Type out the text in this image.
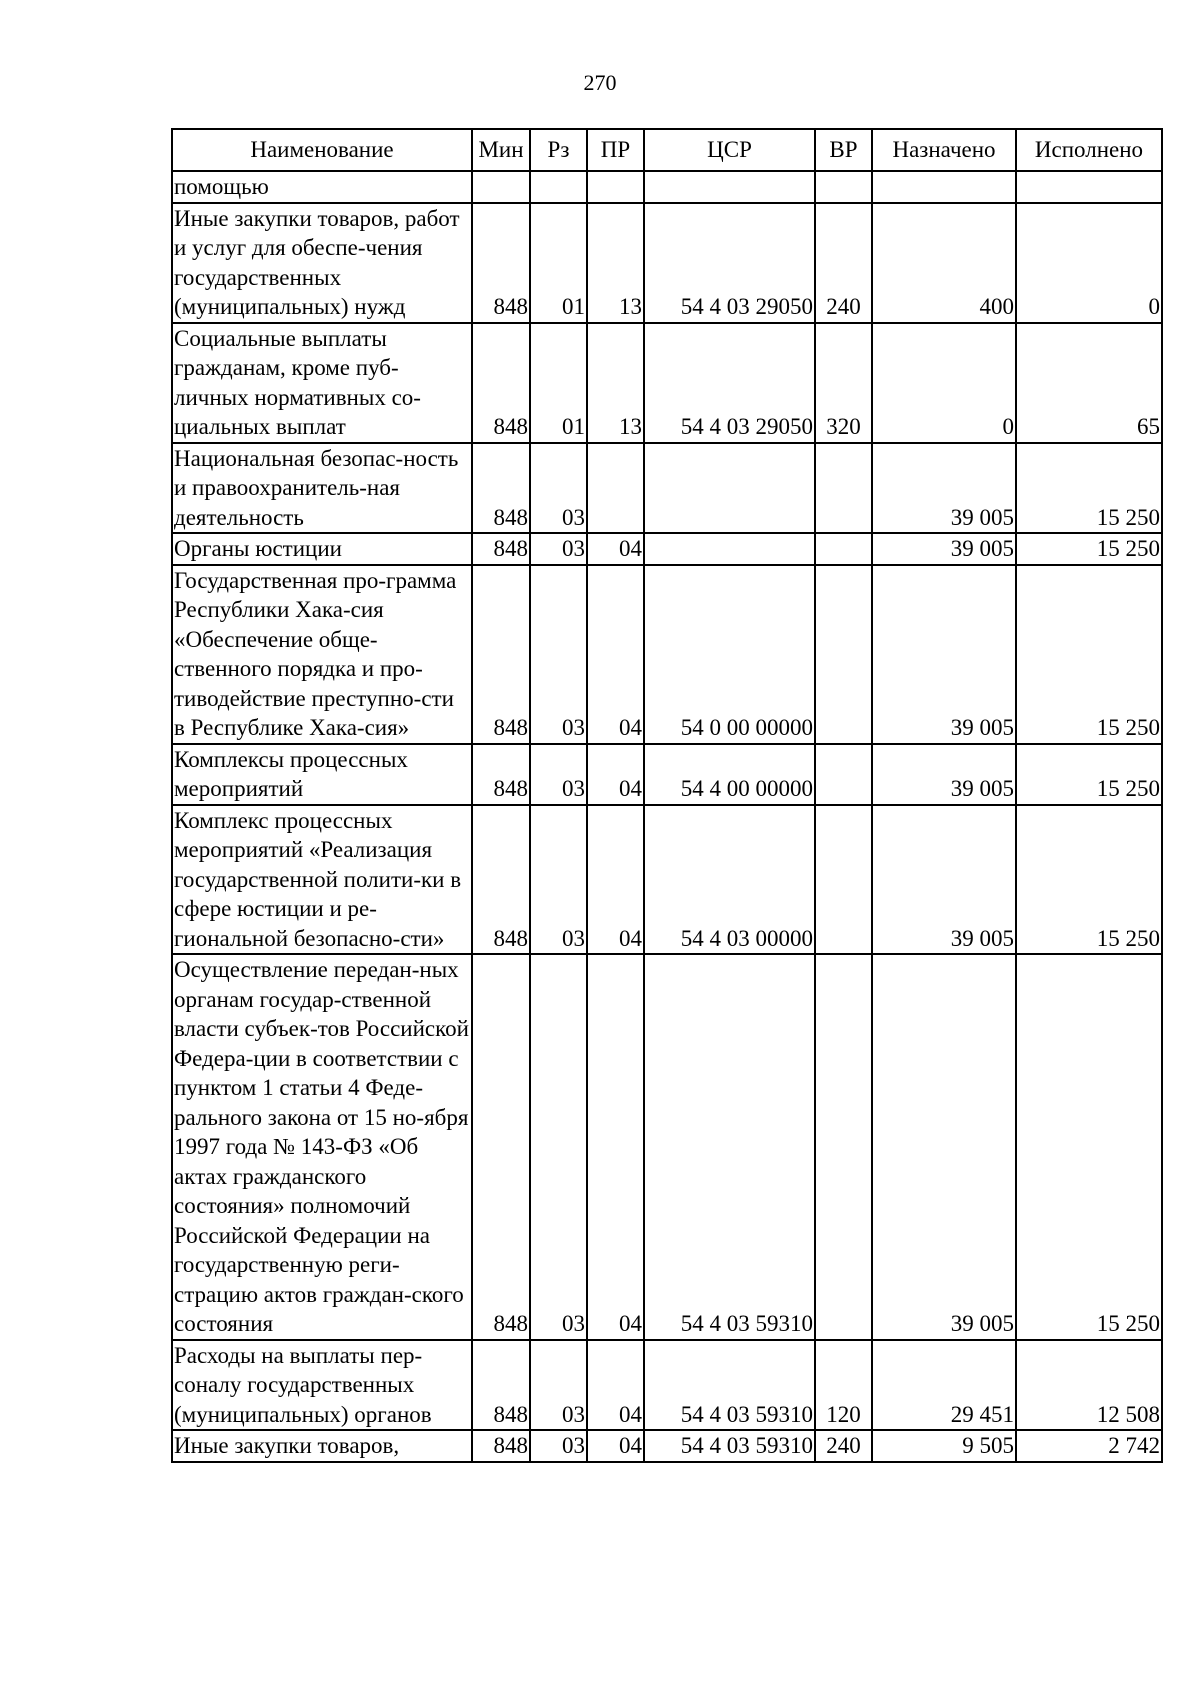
270
Наименование	Мин	Рз	ПР	ЦСР	ВР	Назначено	Исполнено
помощью							
Иные закупки товаров, работ и услуг для обеспе-чения государственных (муниципальных) нужд	848	01	13	54 4 03 29050	240	400	0
Социальные выплаты гражданам, кроме пуб-личных нормативных со-циальных выплат	848	01	13	54 4 03 29050	320	0	65
Национальная безопас-ность и правоохранитель-ная деятельность	848	03				39 005	15 250
Органы юстиции	848	03	04			39 005	15 250
Государственная про-грамма Республики Хака-сия «Обеспечение обще-ственного порядка и про-тиводействие преступно-сти в Республике Хака-сия»	848	03	04	54 0 00 00000		39 005	15 250
Комплексы процессных мероприятий	848	03	04	54 4 00 00000		39 005	15 250
Комплекс процессных мероприятий «Реализация государственной полити-ки в сфере юстиции и ре-гиональной безопасно-сти»	848	03	04	54 4 03 00000		39 005	15 250
Осуществление передан-ных органам государ-ственной власти субъек-тов Российской Федера-ции в соответствии с пунктом 1 статьи 4 Феде-рального закона от 15 но-ября 1997 года № 143-ФЗ «Об актах гражданского состояния» полномочий Российской Федерации на государственную реги-страцию актов граждан-ского состояния	848	03	04	54 4 03 59310		39 005	15 250
Расходы на выплаты пер-соналу государственных (муниципальных) органов	848	03	04	54 4 03 59310	120	29 451	12 508
Иные закупки товаров,	848	03	04	54 4 03 59310	240	9 505	2 742
